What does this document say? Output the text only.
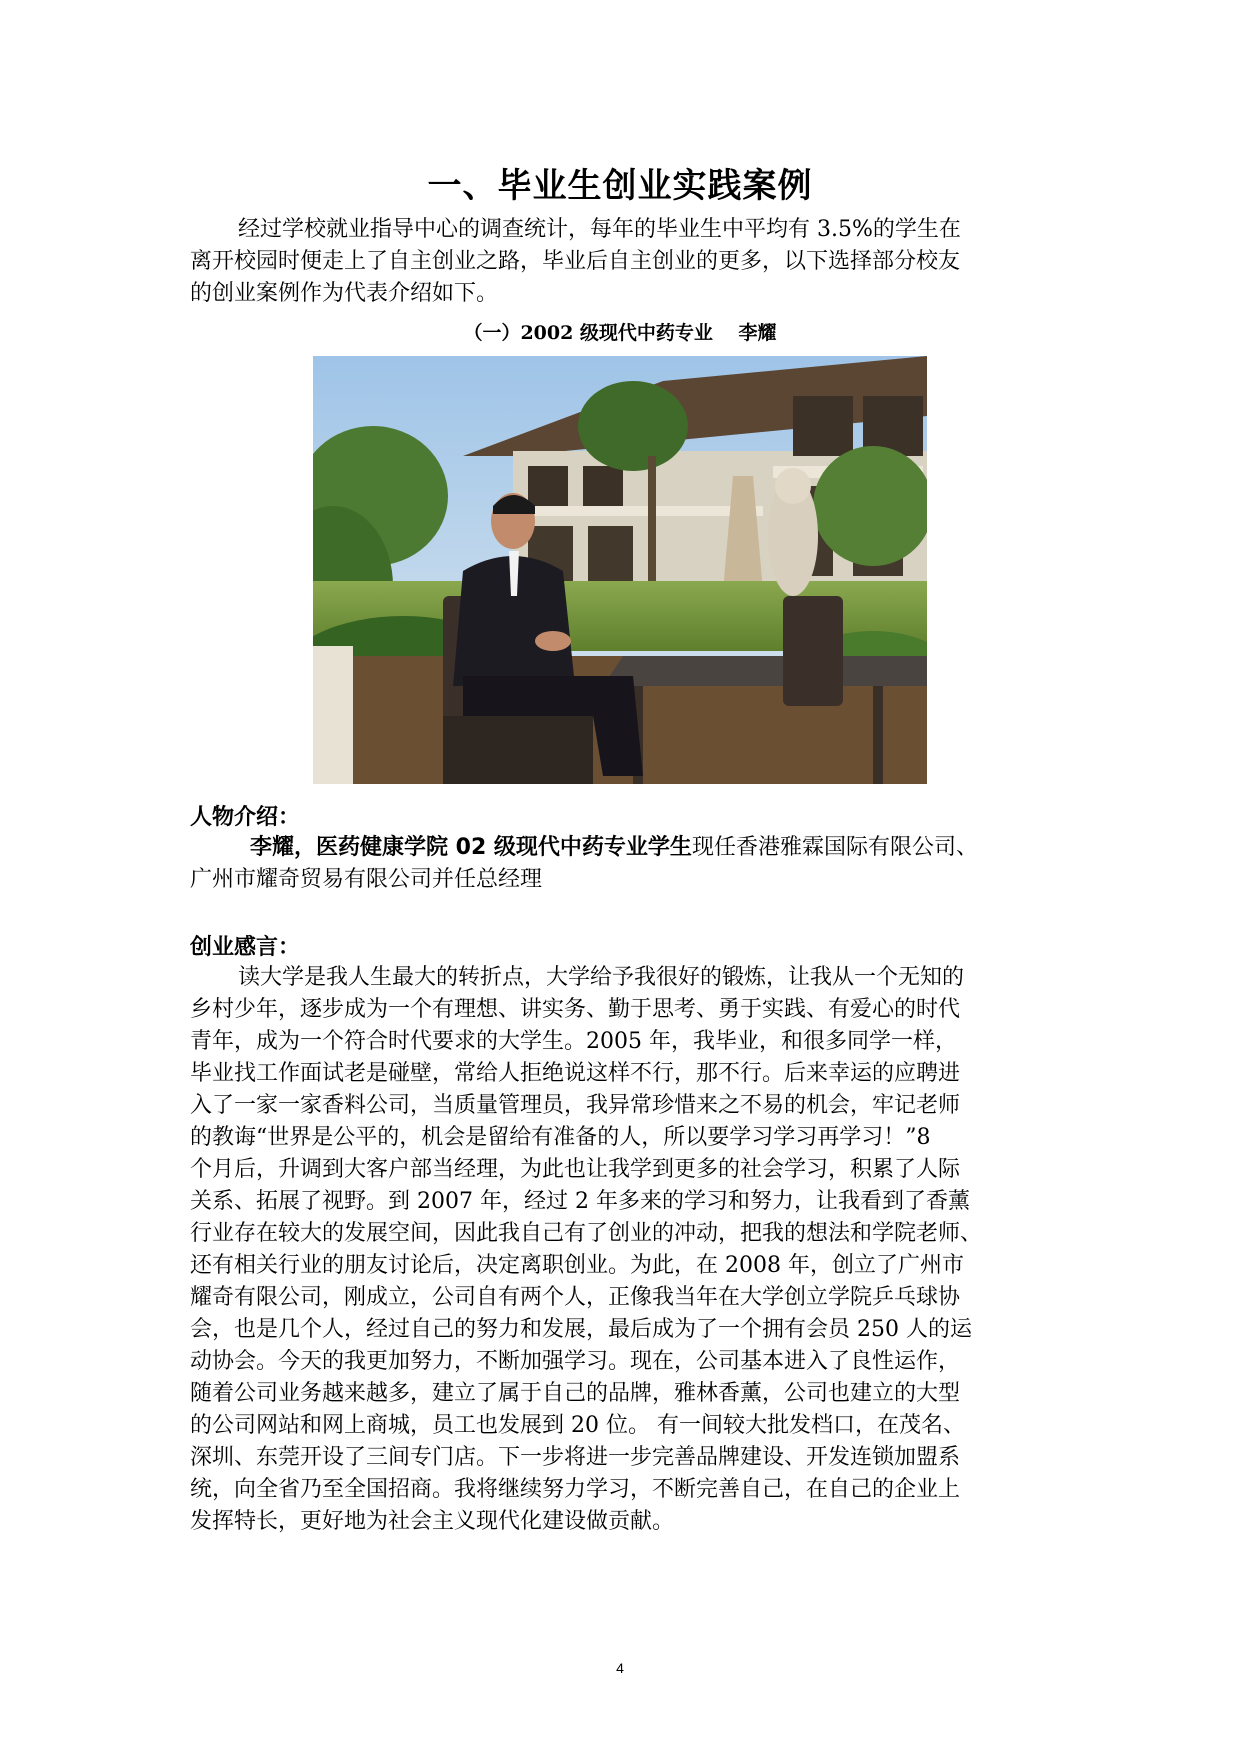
一、毕业生创业实践案例
经过学校就业指导中心的调查统计，每年的毕业生中平均有 3.5%的学生在
离开校园时便走上了自主创业之路，毕业后自主创业的更多，以下选择部分校友
的创业案例作为代表介绍如下。
（一）2002 级现代中药专业　 李耀
人物介绍：
李耀，医药健康学院 02 级现代中药专业学生现任香港雅霖国际有限公司、
广州市耀奇贸易有限公司并任总经理
创业感言：
读大学是我人生最大的转折点，大学给予我很好的锻炼，让我从一个无知的
乡村少年，逐步成为一个有理想、讲实务、勤于思考、勇于实践、有爱心的时代
青年，成为一个符合时代要求的大学生。2005 年，我毕业，和很多同学一样，
毕业找工作面试老是碰壁，常给人拒绝说这样不行，那不行。后来幸运的应聘进
入了一家一家香料公司，当质量管理员，我异常珍惜来之不易的机会，牢记老师
的教诲“世界是公平的，机会是留给有准备的人，所以要学习学习再学习！”8
个月后，升调到大客户部当经理，为此也让我学到更多的社会学习，积累了人际
关系、拓展了视野。到 2007 年，经过 2 年多来的学习和努力，让我看到了香薰
行业存在较大的发展空间，因此我自己有了创业的冲动，把我的想法和学院老师、
还有相关行业的朋友讨论后，决定离职创业。为此，在 2008 年，创立了广州市
耀奇有限公司，刚成立，公司自有两个人，正像我当年在大学创立学院乒乓球协
会，也是几个人，经过自己的努力和发展，最后成为了一个拥有会员 250 人的运
动协会。今天的我更加努力，不断加强学习。现在，公司基本进入了良性运作，
随着公司业务越来越多，建立了属于自己的品牌，雅林香薰，公司也建立的大型
的公司网站和网上商城，员工也发展到 20 位。 有一间较大批发档口，在茂名、
深圳、东莞开设了三间专门店。下一步将进一步完善品牌建设、开发连锁加盟系
统，向全省乃至全国招商。我将继续努力学习，不断完善自己，在自己的企业上
发挥特长，更好地为社会主义现代化建设做贡献。
4
